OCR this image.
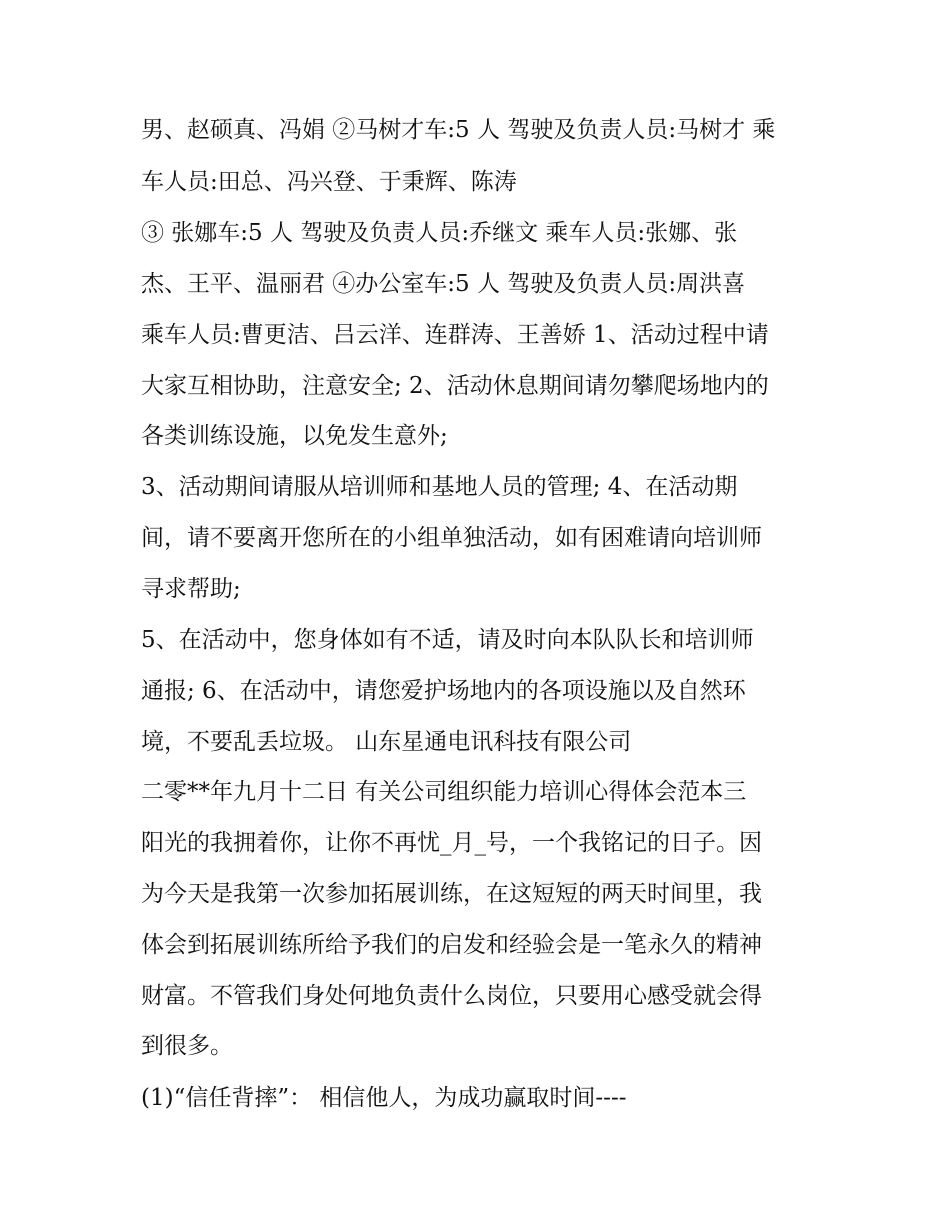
男、赵硕真、冯娟 ②马树才车:5 人 驾驶及负责人员:马树才 乘
车人员:田总、冯兴登、于秉辉、陈涛
③ 张娜车:5 人 驾驶及负责人员:乔继文 乘车人员:张娜、张
杰、王平、温丽君 ④办公室车:5 人 驾驶及负责人员:周洪喜
乘车人员:曹更洁、吕云洋、连群涛、王善娇 1、活动过程中请
大家互相协助，注意安全; 2、活动休息期间请勿攀爬场地内的
各类训练设施，以免发生意外;
3、活动期间请服从培训师和基地人员的管理; 4、在活动期
间，请不要离开您所在的小组单独活动，如有困难请向培训师
寻求帮助;
5、在活动中，您身体如有不适，请及时向本队队长和培训师
通报; 6、在活动中，请您爱护场地内的各项设施以及自然环
境，不要乱丢垃圾。 山东星通电讯科技有限公司
二零**年九月十二日 有关公司组织能力培训心得体会范本三
阳光的我拥着你，让你不再忧_月_号，一个我铭记的日子。因
为今天是我第一次参加拓展训练，在这短短的两天时间里，我
体会到拓展训练所给予我们的启发和经验会是一笔永久的精神
财富。不管我们身处何地负责什么岗位，只要用心感受就会得
到很多。
(1)“信任背摔”： 相信他人，为成功赢取时间----
